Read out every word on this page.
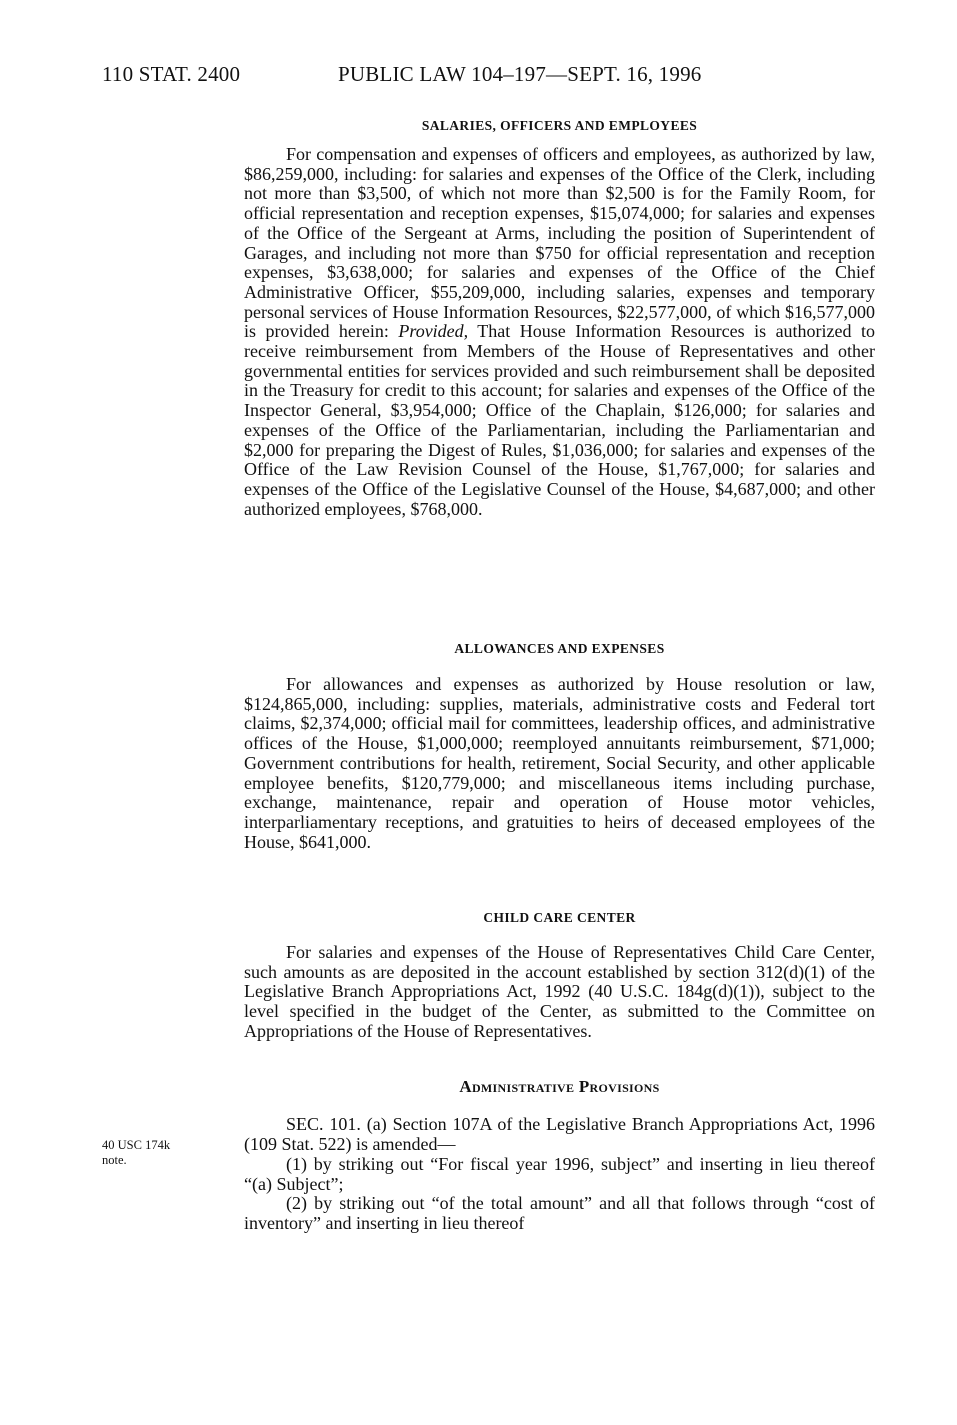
110 STAT. 2400	PUBLIC LAW 104–197—SEPT. 16, 1996
SALARIES, OFFICERS AND EMPLOYEES

For compensation and expenses of officers and employees, as authorized by law, $86,259,000, including: for salaries and expenses of the Office of the Clerk, including not more than $3,500, of which not more than $2,500 is for the Family Room, for official representation and reception expenses, $15,074,000; for salaries and expenses of the Office of the Sergeant at Arms, including the position of Superintendent of Garages, and including not more than $750 for official representation and reception expenses, $3,638,000; for salaries and expenses of the Office of the Chief Administrative Officer, $55,209,000, including salaries, expenses and temporary personal services of House Information Resources, $22,577,000, of which $16,577,000 is provided herein: Provided, That House Information Resources is authorized to receive reimbursement from Members of the House of Representatives and other governmental entities for services provided and such reimbursement shall be deposited in the Treasury for credit to this account; for salaries and expenses of the Office of the Inspector General, $3,954,000; Office of the Chaplain, $126,000; for salaries and expenses of the Office of the Parliamentarian, including the Parliamentarian and $2,000 for preparing the Digest of Rules, $1,036,000; for salaries and expenses of the Office of the Law Revision Counsel of the House, $1,767,000; for salaries and expenses of the Office of the Legislative Counsel of the House, $4,687,000; and other authorized employees, $768,000.

ALLOWANCES AND EXPENSES

For allowances and expenses as authorized by House resolution or law, $124,865,000, including: supplies, materials, administrative costs and Federal tort claims, $2,374,000; official mail for committees, leadership offices, and administrative offices of the House, $1,000,000; reemployed annuitants reimbursement, $71,000; Government contributions for health, retirement, Social Security, and other applicable employee benefits, $120,779,000; and miscellaneous items including purchase, exchange, maintenance, repair and operation of House motor vehicles, interparliamentary receptions, and gratuities to heirs of deceased employees of the House, $641,000.

CHILD CARE CENTER

For salaries and expenses of the House of Representatives Child Care Center, such amounts as are deposited in the account established by section 312(d)(1) of the Legislative Branch Appropriations Act, 1992 (40 U.S.C. 184g(d)(1)), subject to the level specified in the budget of the Center, as submitted to the Committee on Appropriations of the House of Representatives.

Administrative Provisions

SEC. 101. (a) Section 107A of the Legislative Branch Appropriations Act, 1996 (109 Stat. 522) is amended—

(1) by striking out “For fiscal year 1996, subject” and inserting in lieu thereof “(a) Subject”;

(2) by striking out “of the total amount” and all that follows through “cost of inventory” and inserting in lieu thereof

40 USC 174k
note.
